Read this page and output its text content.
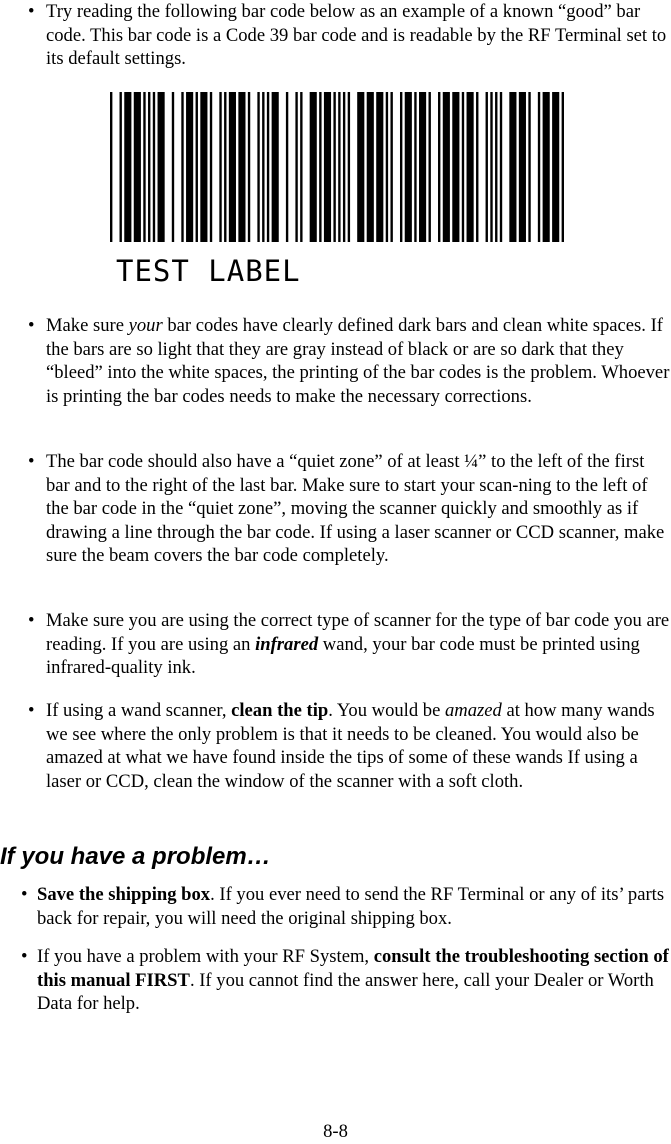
• Try reading the following bar code below as an example of a known “good” bar code. This bar code is a Code 39 bar code and is readable by the RF Terminal set to its default settings.

TEST LABEL

• Make sure your bar codes have clearly defined dark bars and clean white spaces. If the bars are so light that they are gray instead of black or are so dark that they “bleed” into the white spaces, the printing of the bar codes is the problem. Whoever is printing the bar codes needs to make the necessary corrections.
• The bar code should also have a “quiet zone” of at least ¼” to the left of the first bar and to the right of the last bar. Make sure to start your scan-ning to the left of the bar code in the “quiet zone”, moving the scanner quickly and smoothly as if drawing a line through the bar code. If using a laser scanner or CCD scanner, make sure the beam covers the bar code completely.
• Make sure you are using the correct type of scanner for the type of bar code you are reading. If you are using an infrared wand, your bar code must be printed using infrared-quality ink.
• If using a wand scanner, clean the tip. You would be amazed at how many wands we see where the only problem is that it needs to be cleaned. You would also be amazed at what we have found inside the tips of some of these wands If using a laser or CCD, clean the window of the scanner with a soft cloth.
If you have a problem…
• Save the shipping box. If you ever need to send the RF Terminal or any of its’ parts back for repair, you will need the original shipping box.
• If you have a problem with your RF System, consult the troubleshooting section of this manual FIRST. If you cannot find the answer here, call your Dealer or Worth Data for help.
8-8
